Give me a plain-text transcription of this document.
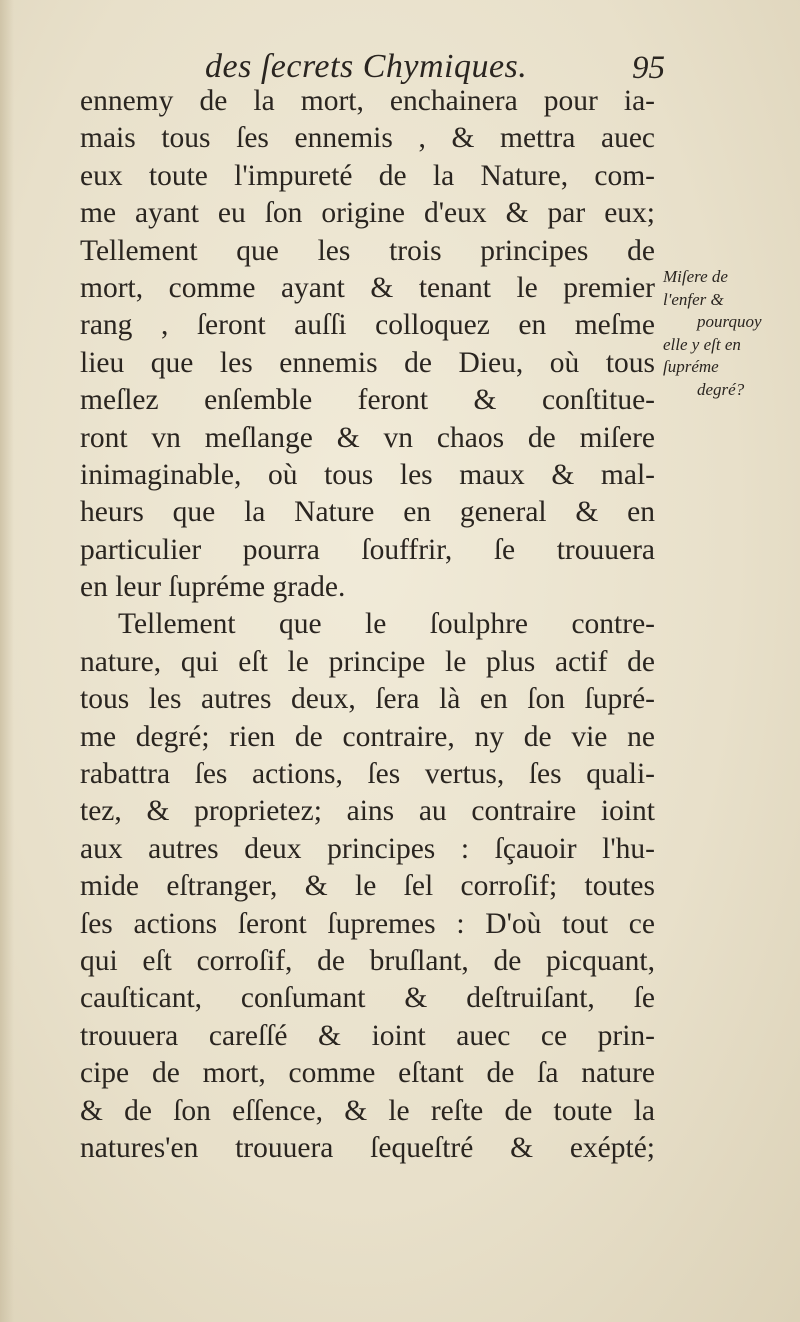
des ſecrets Chymiques.	95
ennemy de la mort, enchainera pour ia-
mais tous ſes ennemis , & mettra auec
eux toute l'impureté de la Nature, com-
me ayant eu ſon origine d'eux & par eux;
Tellement que les trois principes de
mort, comme ayant & tenant le premier
rang , ſeront auſſi colloquez en meſme
lieu que les ennemis de Dieu, où tous
meſlez enſemble feront & conſtitue-
ront vn meſlange & vn chaos de miſere
inimaginable, où tous les maux & mal-
heurs que la Nature en general & en
particulier pourra ſouffrir, ſe trouuera
en leur ſupréme grade.
Tellement que le ſoulphre contre-
nature, qui eſt le principe le plus actif de
tous les autres deux, ſera là en ſon ſupré-
me degré; rien de contraire, ny de vie ne
rabattra ſes actions, ſes vertus, ſes quali-
tez, & proprietez; ains au contraire ioint
aux autres deux principes : ſçauoir l'hu-
mide eſtranger, & le ſel corroſif; toutes
ſes actions ſeront ſupremes : D'où tout ce
qui eſt corroſif, de bruſlant, de picquant,
cauſticant, conſumant & deſtruiſant, ſe
trouuera careſſé & ioint auec ce prin-
cipe de mort, comme eſtant de ſa nature
& de ſon eſſence, & le reſte de toute la
natures'en trouuera ſequeſtré & exépté;
Miſere de
l'enfer &
pourquoy
elle y eſt en
ſupréme
degré?
